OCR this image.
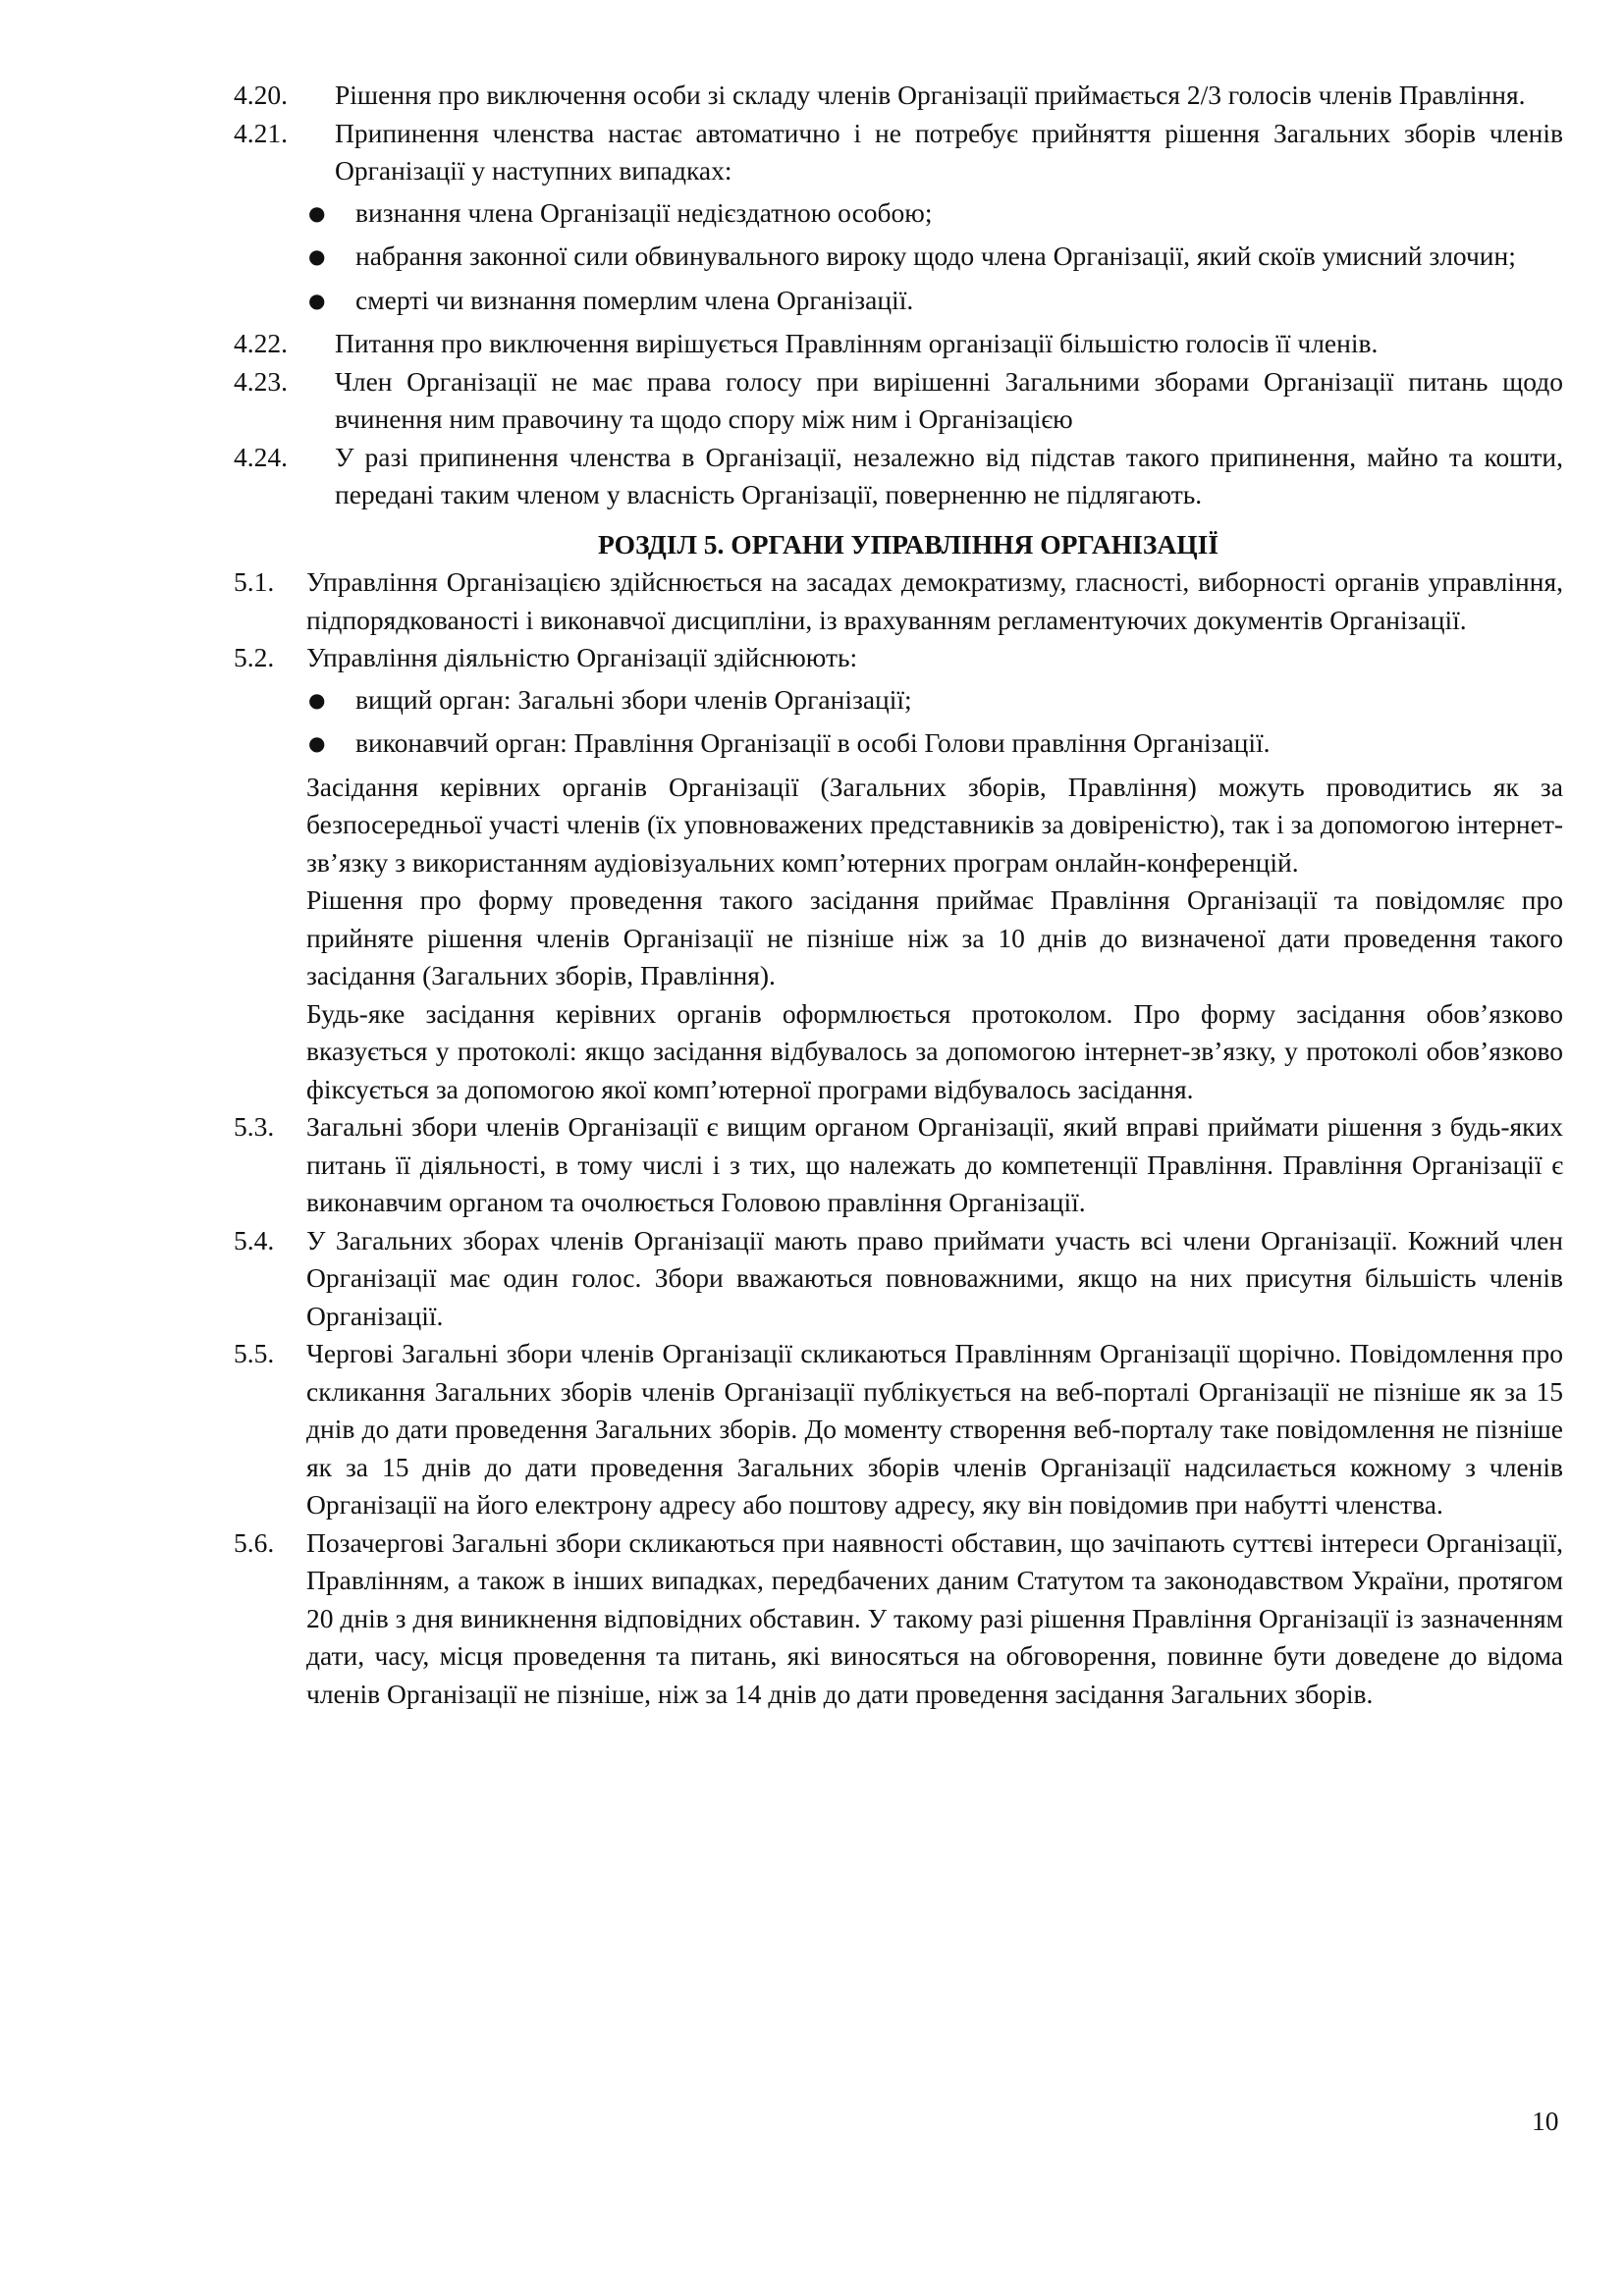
4.20.	Рішення про виключення особи зі складу членів Організації приймається 2/3 голосів членів Правління.
4.21.	Припинення членства настає автоматично і не потребує прийняття рішення Загальних зборів членів Організації у наступних випадках:
●	визнання члена Організації недієздатною особою;
●	набрання законної сили обвинувального вироку щодо члена Організації, який скоїв умисний злочин;
●	смерті чи визнання померлим члена Організації.
4.22.	Питання про виключення вирішується Правлінням організації більшістю голосів її членів.
4.23.	Член Організації не має права голосу при вирішенні Загальними зборами Організації питань щодо вчинення ним правочину та щодо спору між ним і Організацією
4.24.	У разі припинення членства в Організації, незалежно від підстав такого припинення, майно та кошти, передані таким членом у власність Організації, поверненню не підлягають.
РОЗДІЛ 5. ОРГАНИ УПРАВЛІННЯ ОРГАНІЗАЦІЇ
5.1.	Управління Організацією здійснюється на засадах демократизму, гласності, виборності органів управління, підпорядкованості і виконавчої дисципліни, із врахуванням регламентуючих документів Організації.
5.2.	Управління діяльністю Організації здійснюють:
●	вищий орган: Загальні збори членів Організації;
●	виконавчий орган: Правління Організації в особі Голови правління Організації.

Засідання керівних органів Організації (Загальних зборів, Правління) можуть проводитись як за безпосередньої участі членів (їх уповноважених представників за довіреністю), так і за допомогою інтернет-зв’язку з використанням аудіовізуальних комп’ютерних програм онлайн-конференцій.

Рішення про форму проведення такого засідання приймає Правління Організації та повідомляє про прийняте рішення членів Організації не пізніше ніж за 10 днів до визначеної дати проведення такого засідання (Загальних зборів, Правління).

Будь-яке засідання керівних органів оформлюється протоколом. Про форму засідання обов’язково вказується у протоколі: якщо засідання відбувалось за допомогою інтернет-зв’язку, у протоколі обов’язково фіксується за допомогою якої комп’ютерної програми відбувалось засідання.

5.3.	Загальні збори членів Організації є вищим органом Організації, який вправі приймати рішення з будь-яких питань її діяльності, в тому числі і з тих, що належать до компетенції Правління. Правління Організації є виконавчим органом та очолюється Головою правління Організації.
5.4.	У Загальних зборах членів Організації мають право приймати участь всі члени Організації. Кожний член Організації має один голос. Збори вважаються повноважними, якщо на них присутня більшість членів Організації.
5.5.	Чергові Загальні збори членів Організації скликаються Правлінням Організації щорічно. Повідомлення про скликання Загальних зборів членів Організації публікується на веб-порталі Організації не пізніше як за 15 днів до дати проведення Загальних зборів. До моменту створення веб-порталу таке повідомлення не пізніше як за 15 днів до дати проведення Загальних зборів членів Організації надсилається кожному з членів Організації на його електрону адресу або поштову адресу, яку він повідомив при набутті членства.
5.6.	Позачергові Загальні збори скликаються при наявності обставин, що зачіпають суттєві інтереси Організації, Правлінням, а також в інших випадках, передбачених даним Статутом та законодавством України, протягом 20 днів з дня виникнення відповідних обставин. У такому разі рішення Правління Організації із зазначенням дати, часу, місця проведення та питань, які виносяться на обговорення, повинне бути доведене до відома членів Організації не пізніше, ніж за 14 днів до дати проведення засідання Загальних зборів.
10
